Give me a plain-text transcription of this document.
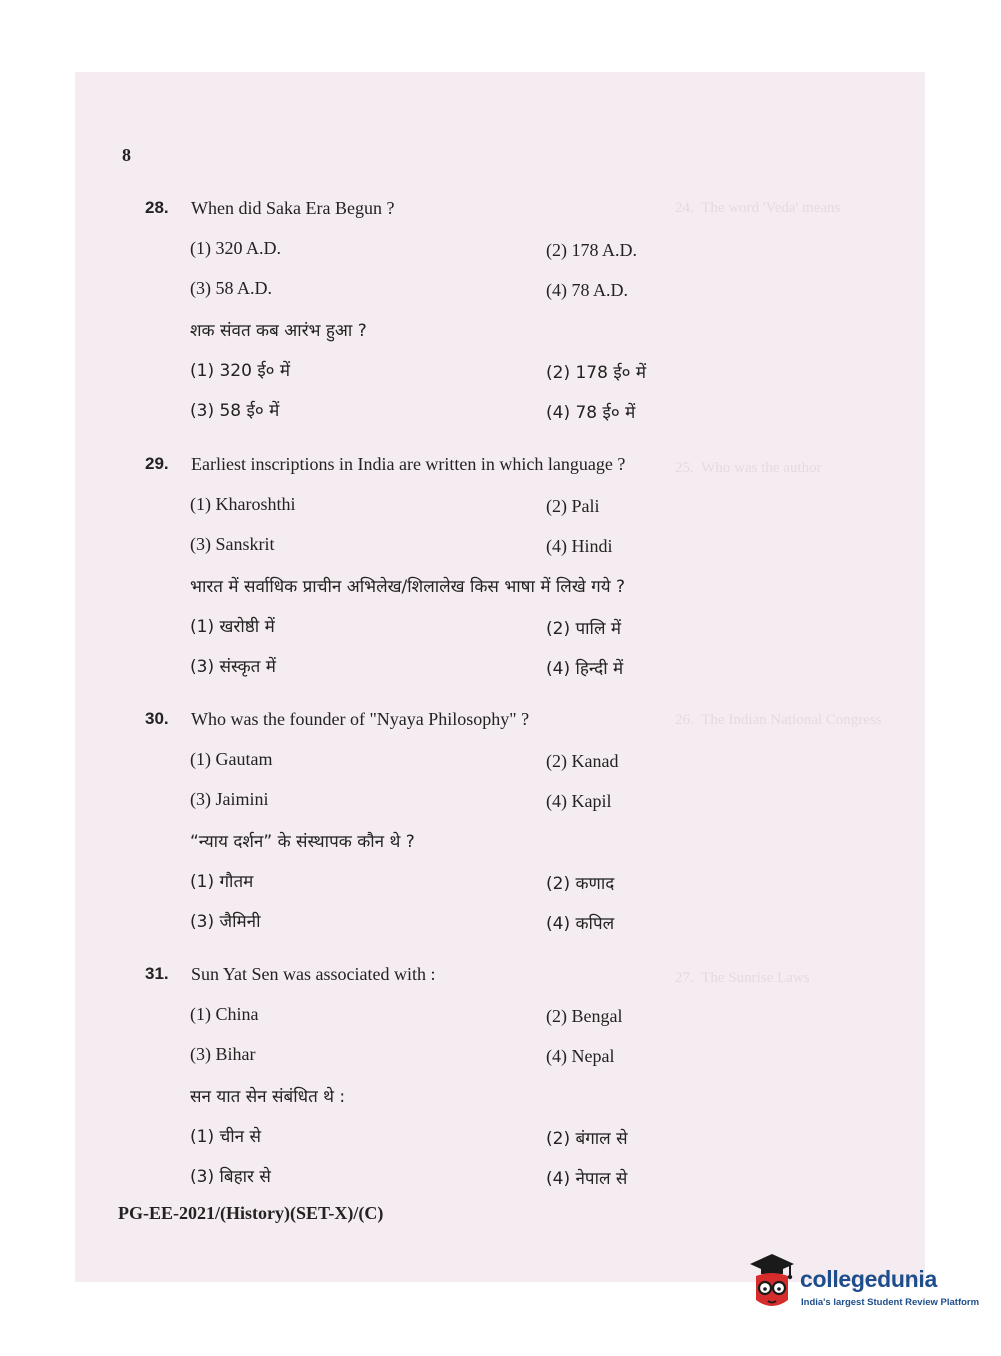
24.  The word 'Veda' means
25.  Who was the author
26.  The Indian National Congress
27.  The Sunrise Laws
8
28. When did Saka Era Begun ?
(1) 320 A.D.	(2) 178 A.D.
(3) 58 A.D.	(4) 78 A.D.
शक संवत कब आरंभ हुआ ?
(1) 320 ई० में	(2) 178 ई० में
(3) 58 ई० में	(4) 78 ई० में
29. Earliest inscriptions in India are written in which language ?
(1) Kharoshthi	(2) Pali
(3) Sanskrit	(4) Hindi
भारत में सर्वाधिक प्राचीन अभिलेख/शिलालेख किस भाषा में लिखे गये ?
(1) खरोष्ठी में	(2) पालि में
(3) संस्कृत में	(4) हिन्दी में
30. Who was the founder of "Nyaya Philosophy" ?
(1) Gautam	(2) Kanad
(3) Jaimini	(4) Kapil
“न्याय दर्शन” के संस्थापक कौन थे ?
(1) गौतम	(2) कणाद
(3) जैमिनी	(4) कपिल
31. Sun Yat Sen was associated with :
(1) China	(2) Bengal
(3) Bihar	(4) Nepal
सन यात सेन संबंधित थे :
(1) चीन से	(2) बंगाल से
(3) बिहार से	(4) नेपाल से
PG-EE-2021/(History)(SET-X)/(C)
collegedunia
India's largest Student Review Platform
